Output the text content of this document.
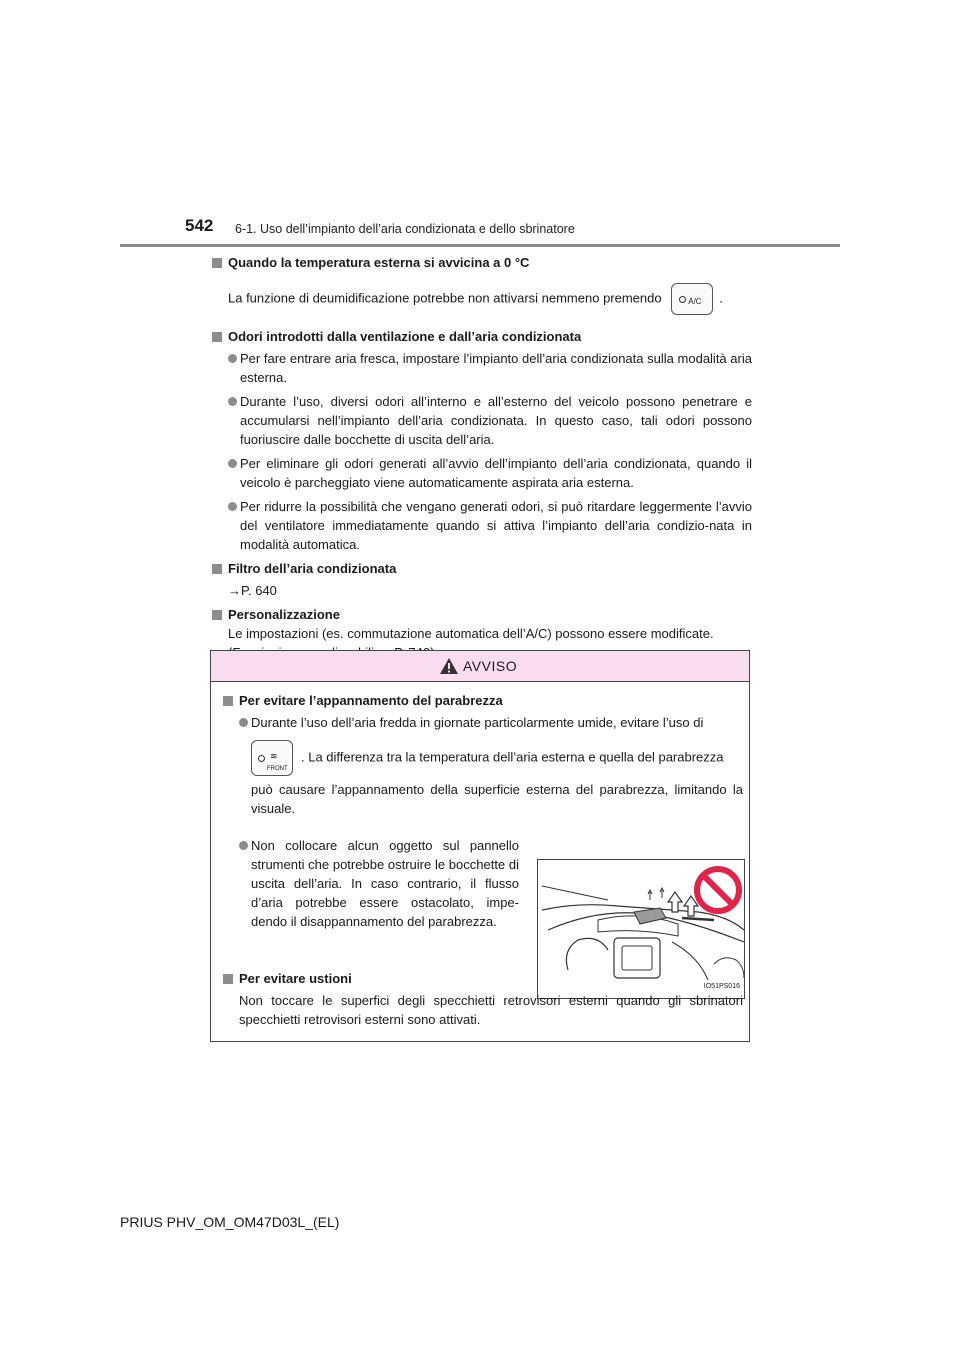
542 6-1. Uso dell’impianto dell’aria condizionata e dello sbrinatore

Quando la temperatura esterna si avvicina a 0 °C

La funzione di deumidificazione potrebbe non attivarsi nemmeno premendo	A/C .

Odori introdotti dalla ventilazione e dall’aria condizionata

Per fare entrare aria fresca, impostare l’impianto dell’aria condizionata sulla modalità aria esterna.

Durante l’uso, diversi odori all’interno e all’esterno del veicolo possono penetrare e accumularsi nell’impianto dell’aria condizionata. In questo caso, tali odori possono fuoriuscire dalle bocchette di uscita dell’aria.

Per eliminare gli odori generati all’avvio dell’impianto dell’aria condizionata, quando il veicolo è parcheggiato viene automaticamente aspirata aria esterna.

Per ridurre la possibilità che vengano generati odori, si può ritardare leggermente l’avvio del ventilatore immediatamente quando si attiva l’impianto dell’aria condizio-nata in modalità automatica.

Filtro dell’aria condizionata

→P. 640

Personalizzazione

Le impostazioni (es. commutazione automatica dell’A/C) possono essere modificate.

AVVISO

Per evitare l’appannamento del parabrezza

Durante l’uso dell’aria fredda in giornate particolarmente umide, evitare l’uso di
≋
FRONT
. La differenza tra la temperatura dell’aria esterna e quella del parabrezza
può causare l’appannamento della superficie esterna del parabrezza, limitando la visuale.
Non collocare alcun oggetto sul pannello strumenti che potrebbe ostruire le bocchette di uscita dell’aria. In caso contrario, il flusso d’aria potrebbe essere ostacolato, impe-dendo il disappannamento del parabrezza.
IO51PS016

Per evitare ustioni

Non toccare le superfici degli specchietti retrovisori esterni quando gli sbrinatori specchietti retrovisori esterni sono attivati.

PRIUS PHV_OM_OM47D03L_(EL)
